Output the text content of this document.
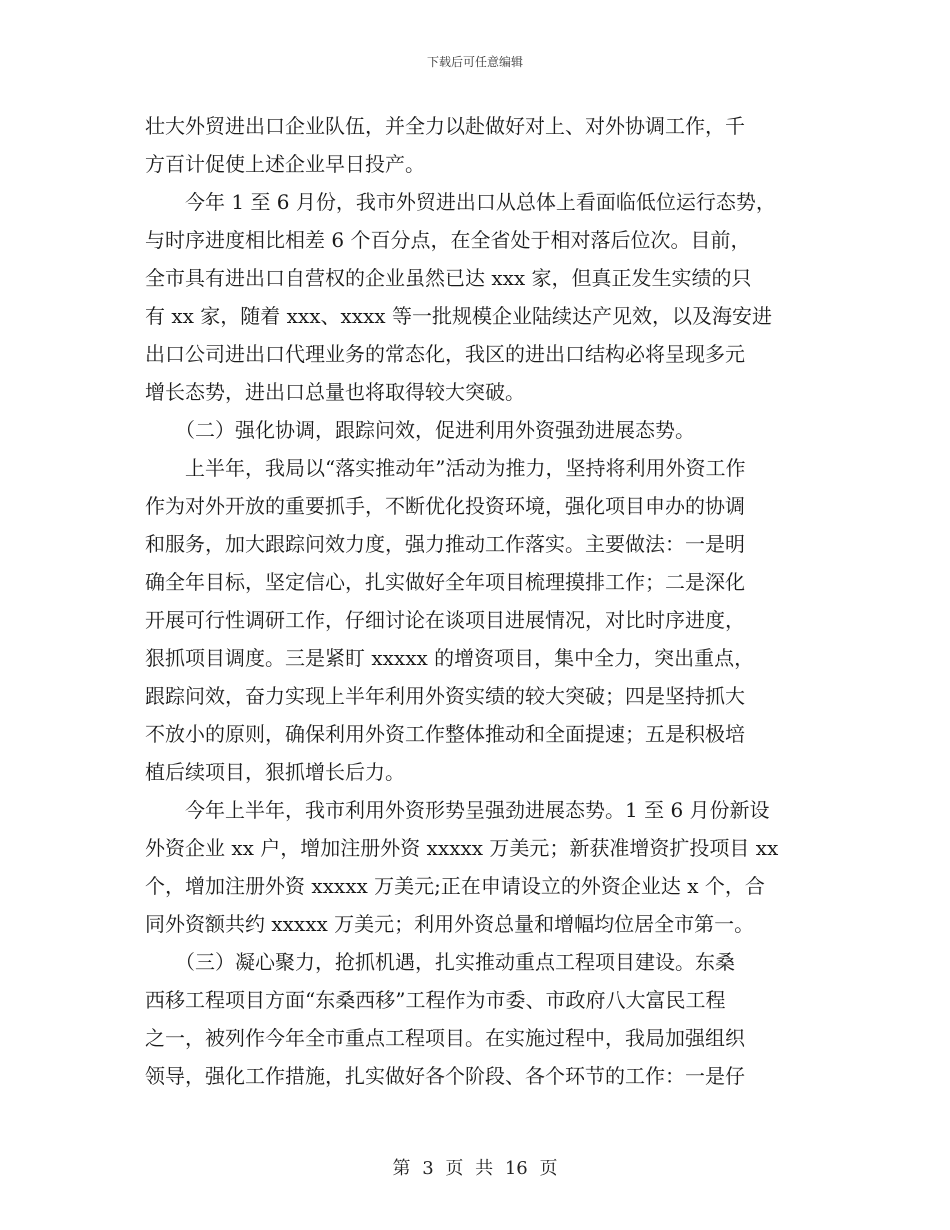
下载后可任意编辑
壮大外贸进出口企业队伍，并全力以赴做好对上、对外协调工作，千
方百计促使上述企业早日投产。
　　今年 1 至 6 月份，我市外贸进出口从总体上看面临低位运行态势，
与时序进度相比相差 6 个百分点，在全省处于相对落后位次。目前，
全市具有进出口自营权的企业虽然已达 xxx 家，但真正发生实绩的只
有 xx 家，随着 xxx、xxxx 等一批规模企业陆续达产见效，以及海安进
出口公司进出口代理业务的常态化，我区的进出口结构必将呈现多元
增长态势，进出口总量也将取得较大突破。
　　（二）强化协调，跟踪问效，促进利用外资强劲进展态势。
　　上半年，我局以“落实推动年”活动为推力，坚持将利用外资工作
作为对外开放的重要抓手，不断优化投资环境，强化项目申办的协调
和服务，加大跟踪问效力度，强力推动工作落实。主要做法：一是明
确全年目标，坚定信心，扎实做好全年项目梳理摸排工作；二是深化
开展可行性调研工作，仔细讨论在谈项目进展情况，对比时序进度，
狠抓项目调度。三是紧盯 xxxxx 的增资项目，集中全力，突出重点，
跟踪问效，奋力实现上半年利用外资实绩的较大突破；四是坚持抓大
不放小的原则，确保利用外资工作整体推动和全面提速；五是积极培
植后续项目，狠抓增长后力。
　　今年上半年，我市利用外资形势呈强劲进展态势。1 至 6 月份新设
外资企业 xx 户，增加注册外资 xxxxx 万美元；新获准增资扩投项目 xx
个，增加注册外资 xxxxx 万美元;正在申请设立的外资企业达 x 个，合
同外资额共约 xxxxx 万美元；利用外资总量和增幅均位居全市第一。
　　（三）凝心聚力，抢抓机遇，扎实推动重点工程项目建设。东桑
西移工程项目方面“东桑西移”工程作为市委、市政府八大富民工程
之一，被列作今年全市重点工程项目。在实施过程中，我局加强组织
领导，强化工作措施，扎实做好各个阶段、各个环节的工作：一是仔
第 3 页 共 16 页
